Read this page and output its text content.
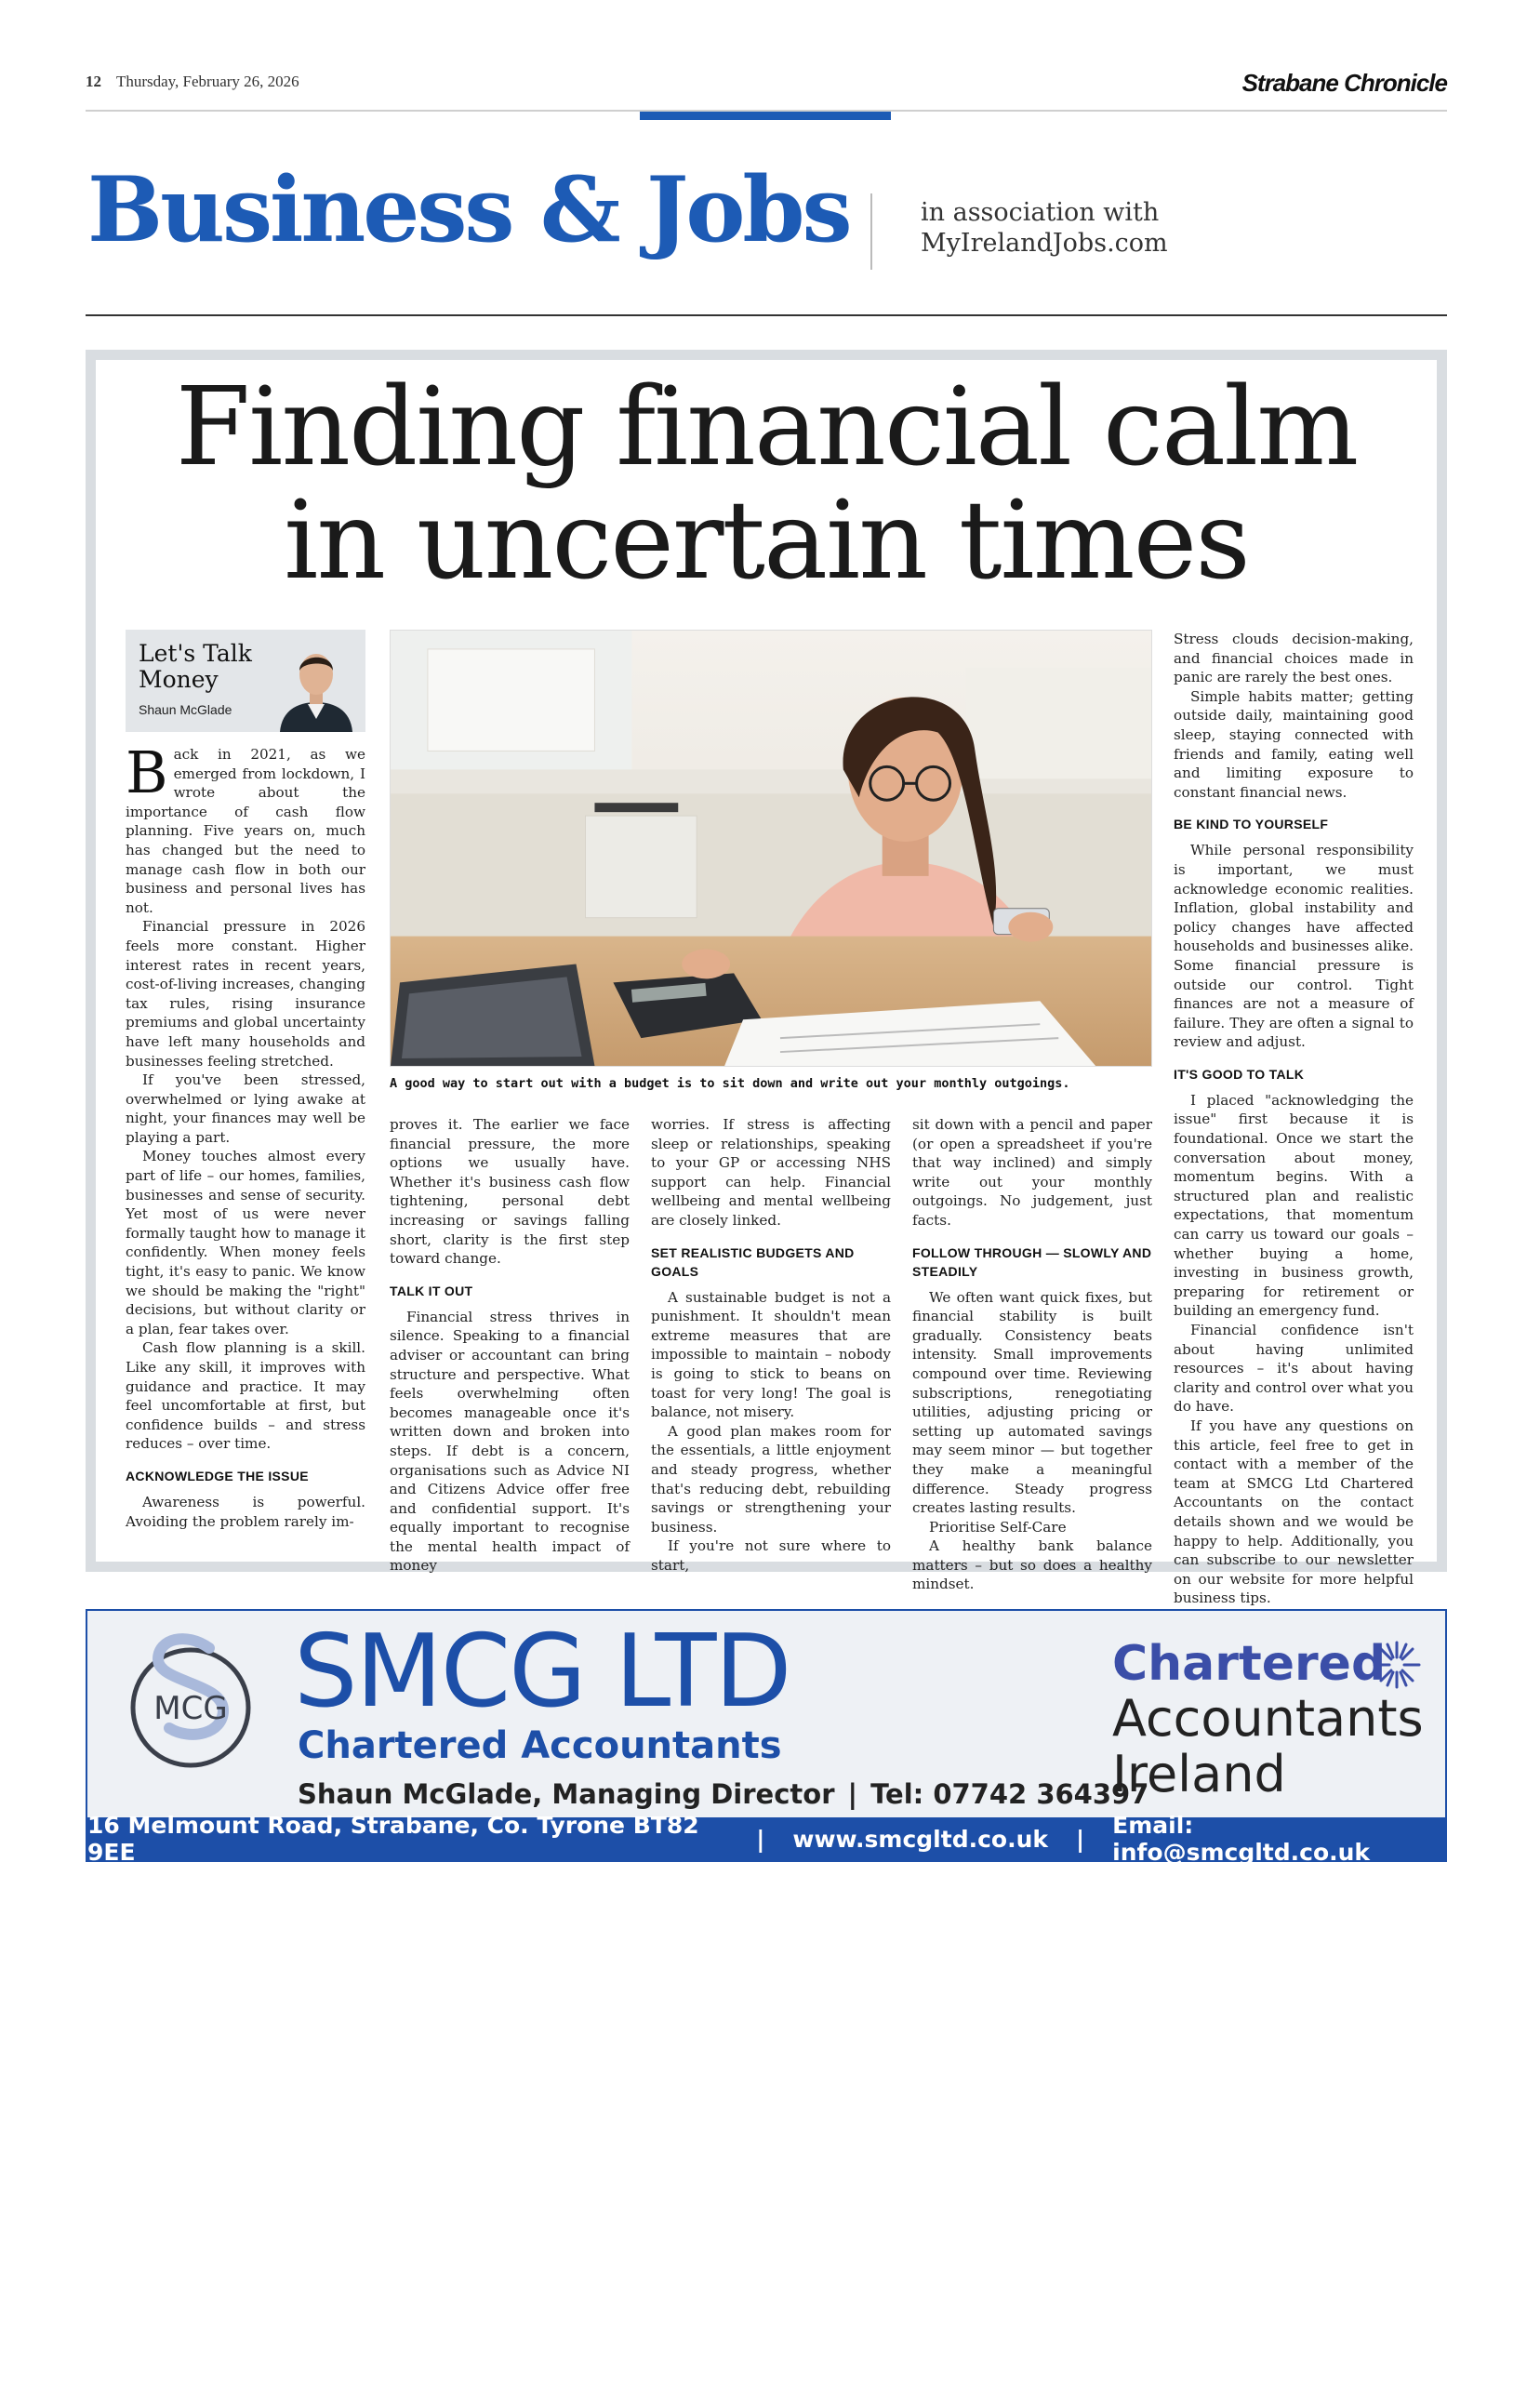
12 Thursday, February 26, 2026	Strabane Chronicle
Business & Jobs	in association with
MyIrelandJobs.com
Finding financial calm
in uncertain times
Let's Talk
Money
Shaun McGlade

Back in 2021, as we emerged from lockdown, I wrote about the importance of cash flow planning. Five years on, much has changed but the need to manage cash flow in both our business and personal lives has not.

Financial pressure in 2026 feels more constant. Higher interest rates in recent years, cost-of-living increases, changing tax rules, rising insurance premiums and global uncertainty have left many households and businesses feeling stretched.

If you've been stressed, overwhelmed or lying awake at night, your finances may well be playing a part.

Money touches almost every part of life – our homes, families, businesses and sense of security. Yet most of us were never formally taught how to manage it confidently. When money feels tight, it's easy to panic. We know we should be making the "right" decisions, but without clarity or a plan, fear takes over.

Cash flow planning is a skill. Like any skill, it improves with guidance and practice. It may feel uncomfortable at first, but confidence builds – and stress reduces – over time.

ACKNOWLEDGE THE ISSUE

Awareness is powerful. Avoiding the problem rarely im-

A good way to start out with a budget is to sit down and write out your monthly outgoings.

proves it. The earlier we face financial pressure, the more options we usually have. Whether it's business cash flow tightening, personal debt increasing or savings falling short, clarity is the first step toward change.

TALK IT OUT

Financial stress thrives in silence. Speaking to a financial adviser or accountant can bring structure and perspective. What feels overwhelming often becomes manageable once it's written down and broken into steps. If debt is a concern, organisations such as Advice NI and Citizens Advice offer free and confidential support. It's equally important to recognise the mental health impact of money

worries. If stress is affecting sleep or relationships, speaking to your GP or accessing NHS support can help. Financial wellbeing and mental wellbeing are closely linked.

SET REALISTIC BUDGETS AND GOALS

A sustainable budget is not a punishment. It shouldn't mean extreme measures that are impossible to maintain – nobody is going to stick to beans on toast for very long! The goal is balance, not misery.

A good plan makes room for the essentials, a little enjoyment and steady progress, whether that's reducing debt, rebuilding savings or strengthening your business.

If you're not sure where to start,

sit down with a pencil and paper (or open a spreadsheet if you're that way inclined) and simply write out your monthly outgoings. No judgement, just facts.

FOLLOW THROUGH — SLOWLY AND STEADILY

We often want quick fixes, but financial stability is built gradually. Consistency beats intensity. Small improvements compound over time. Reviewing subscriptions, renegotiating utilities, adjusting pricing or setting up automated savings may seem minor — but together they make a meaningful difference. Steady progress creates lasting results.

Prioritise Self-Care

A healthy bank balance matters – but so does a healthy mindset.

Stress clouds decision-making, and financial choices made in panic are rarely the best ones.

Simple habits matter; getting outside daily, maintaining good sleep, staying connected with friends and family, eating well and limiting exposure to constant financial news.

BE KIND TO YOURSELF

While personal responsibility is important, we must acknowledge economic realities. Inflation, global instability and policy changes have affected households and businesses alike. Some financial pressure is outside our control. Tight finances are not a measure of failure. They are often a signal to review and adjust.

IT'S GOOD TO TALK

I placed "acknowledging the issue" first because it is foundational. Once we start the conversation about money, momentum begins. With a structured plan and realistic expectations, that momentum can carry us toward our goals – whether buying a home, investing in business growth, preparing for retirement or building an emergency fund.

Financial confidence isn't about having unlimited resources – it's about having clarity and control over what you do have.

If you have any questions on this article, feel free to get in contact with a member of the team at SMCG Ltd Chartered Accountants on the contact details shown and we would be happy to help. Additionally, you can subscribe to our newsletter on our website for more helpful business tips.

MCG SMCG LTD
Chartered Accountants
Shaun McGlade, Managing Director | Tel: 07742 364397
Chartered
Accountants
Ireland
16 Melmount Road, Strabane, Co. Tyrone BT82 9EE	| www.smcgltd.co.uk | Email: info@smcgltd.co.uk
